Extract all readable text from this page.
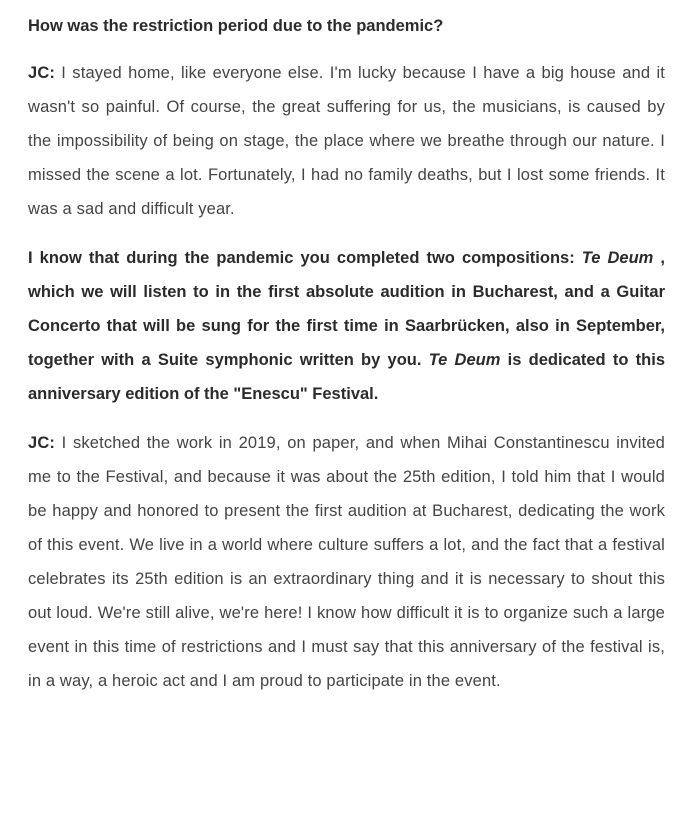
How was the restriction period due to the pandemic?

JC: I stayed home, like everyone else. I'm lucky because I have a big house and it wasn't so painful. Of course, the great suffering for us, the musicians, is caused by the impossibility of being on stage, the place where we breathe through our nature. I missed the scene a lot. Fortunately, I had no family deaths, but I lost some friends. It was a sad and difficult year.

I know that during the pandemic you completed two compositions: Te Deum , which we will listen to in the first absolute audition in Bucharest, and a Guitar Concerto that will be sung for the first time in Saarbrücken, also in September, together with a Suite symphonic written by you. Te Deum is dedicated to this anniversary edition of the "Enescu" Festival.

JC: I sketched the work in 2019, on paper, and when Mihai Constantinescu invited me to the Festival, and because it was about the 25th edition, I told him that I would be happy and honored to present the first audition at Bucharest, dedicating the work of this event. We live in a world where culture suffers a lot, and the fact that a festival celebrates its 25th edition is an extraordinary thing and it is necessary to shout this out loud. We're still alive, we're here! I know how difficult it is to organize such a large event in this time of restrictions and I must say that this anniversary of the festival is, in a way, a heroic act and I am proud to participate in the event.
